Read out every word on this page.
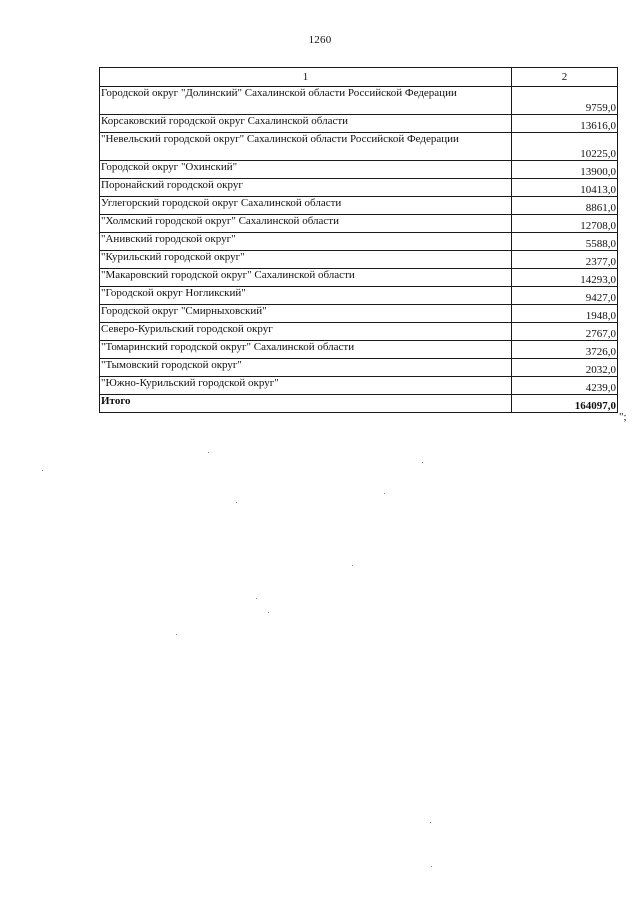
1260
1	2
Городской округ "Долинский" Сахалинской области Российской Федерации	9759,0
Корсаковский городской округ Сахалинской области	13616,0
"Невельский городской округ" Сахалинской области Российской Федерации	10225,0
Городской округ "Охинский"	13900,0
Поронайский городской округ	10413,0
Углегорский городской округ Сахалинской области	8861,0
"Холмский городской округ" Сахалинской области	12708,0
"Анивский городской округ"	5588,0
"Курильский городской округ"	2377,0
"Макаровский городской округ" Сахалинской области	14293,0
"Городской округ Ногликский"	9427,0
Городской округ "Смирныховский"	1948,0
Северо-Курильский городской округ	2767,0
"Томаринский городской округ" Сахалинской области	3726,0
"Тымовский городской округ"	2032,0
"Южно-Курильский городской округ"	4239,0
Итого	164097,0
";
